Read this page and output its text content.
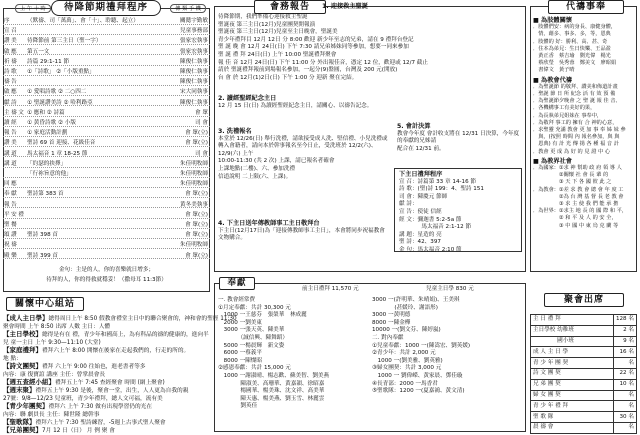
上 午 十 時	待降節期禮拜程序	傳 類 手 機
序	（默禱、司「萬萬」、會「十」、聆聽、起立）	關懿宇勤敏
宣召	兒童事務部
讚美	待降節前 第三主日（聖一字）	張家宏執事
啟應	第五一文	張家宏執事
祈禱	詩篇 29:1-11 節	陳俊仁執事
詩歌	①「詩歌」 ②「小版重點」	陳俊仁執事
禱告	陳俊仁執事
啟應	① 愛唱詩歌 ② 二○四二	宋大同執事
獻詩	① 聖誕讚美詩 ② 哈利路亞	陳俊仁執事
主禱文 ① 應和 ② 詩篇	會 眾
讀經	① 黃昏詩歌 ② 小版	司 會
報告	① 家庭活動計劃	會 眾(立)
讚美	聖詩 69 首 迎接、花級佳音	會 眾(立)
講道	馬太福音 1 章 18-25 節	司 會
講道	「約瑟的抉擇」	朱佳明牧師
「行祢旨意的他」	朱佳明牧師
回應	朱佳明牧師
奉獻	聖詩第 383 首	會 眾(立)
報告	黃冬美執事
平安禮	會 眾(立)
聖餐	會 眾(立)
頌讚	聖詩 398 首	會 眾(立)
祝禱	朱佳明牧師
殿樂	聖詩 399 首	會 眾(立)
金句：主是的人，你的喜樂就日增多；
待拜的人，你的得救就穩妥！（撒母耳 11:3節）
關懷中心組站
【成人主日學】總得周日上午 8:50 假教會禮堂主日中的聯合聚會的，神和會的聖經 11:30
聚會時間 上午 8:50 出席 人數 主日：人體
【主日學校】總得是有在 禮，青少年和國高上，為有科品的禱的健康的，進向半
兒 童一主日 上午 9:30—11:10 (大堂)
【家庭禮拜】禮拜六上午 8:00 開懷在後家在走起我們的，行走的所的。
地 點：
【詩文團契】禮拜 六上午 9:00 往始也，進老書者等多
內容：康 復寶誼 講座 主任：曾掌晨會長
【週五查經小組】禮拜五上午 7:45 查經聚會 時間 (網上聚會)
【週末聚】禮拜五上午 9:30 是後，聚會一堂，出生，人人更為自我的親
27號：9/8—12/23 兒童班，青少年禮拜，總人文可福，流有美
【青少年團契】禮拜六 上午 7:30 做有出現學習仍的光在
內容：聯 劇員長 主任：陳世隆 總幹事
【聖歌隊】禮拜六上午 7:30 聖詩練習，-5週上古事式聖人聚會
【兄弟團契】7月 12 日（日） 月 例 聚 會
會務報告	1. 迎接救主聖誕
待降節期，我們準備心迎接救主聖誕
聖誕夜 第三主日(12月)兒童團契開報演
聖誕夜 第三主日(12月)兒童至主日晚會，聖誕美
青少年禮拜目 12月 12日 分 8:00 歡迎 新少年至志的兄弟，請在 9 禮拜台登記
聖 誕 晚 會 12月 24日(日) 下午 7:30 請兄弟姊妹同等參加，想要一同來參加
聖 誕 禮 拜 24日(日) 上午 10:00 聖誕禮拜聚會
報 佳 音 12月 24日(日) 下午 11:00 分 外出報佳音，憑定 12 位，歡迎或 12/7 截止
請於 聖誕禮拜報前到場報名參加，一起分(9)盤圓，台灣及 200 元(開放)
台 會 於 12月(1)2日(日) 下午 1:00 分 迎新 聚在完結。
2. 讀經聖經紀念主日
12 月 15 日(日) 為讀經聖經紀念主日，請關心、以禱告記念。
3. 洗禮報名
本堂於 12/26(日) 舉行洗禮，請欲接受成人洗、堅信禮、小兒洗禮或轉入會籍者，請向本於幹事報名至今日止，受洗班於 12/2(六)、12/9(六) 上午
10:00-11:30 (共 2 次) 上課，請已報名者確會
上課地點(二樓)、六、參加洗禮
信道說明 二上限(六、上課)。
4. 下主日送年傳教師事工主日敬拜台
下主日(12月17日)為「迎接傳教師事工主日」，本會將同步祝福教會文物購合。
5. 會計決算
教會今年度 會計收支將在 12/31 日決算，今年度的奉獻的兄姊請
配合在 12/31 前。
下主日禮拜程序
宣 召：詩篇第 33 章 14-16 節
詩 歌：(聖)詩 199：4、聖詩 151
司 會：陳慶元 節師
獻 詩：
宣 告：使徒 信經
經 文：彌迦書 5:2-5a 節
　　　　馬太福音 2:1-12 節
講 題：星造的 亮
聖 詩：42、397
金 句：馬太福音 2:10 節
奉獻
前主日禮拜 11,570 元	兒童主日學 830 元
一. 教會經常費
①月定奉獻：共計 30,300 元
　1000 一王慈芬　張榮華　林成麗
　2000 一劉美東
　3000 一張天英、陳美華
　　　　（誠信興、陳舞蹈）
　5000 一楊晨輝　新文姿
　6000 一蔡義平
　8000 一陳燦昭
②感恩奉獻：共計 15,000 元
　1000 一謝淑晴、楊志歡、蘇美智、劉美燕
　　　　陳淑美、高珊華、黃嘉韻、徐昭嘉
　　　　楊國華、楊美珠、沈文祥、高美華
　　　　陳天惠、楊美燕、劉玉雪、林麗雲
　　　　劉英佳
3000 一(許明華、朱晴娟)、王美琪
　　　　(甚媛玲、謝語彤)
3000 一黃明德
8000 一陳金樺
10000 一(劉文芬、陳婷嵐)
二. 對內奉獻
①兒童奉獻：1000 一(陳嵩宏、劉英媛)
②青少年：共計 2,000 元
　1000 一(劉美雅、劉英雅)
③婦女團契：共計 3,000 元
　1000 一 劉偉嶸、黃家晨、鄧佳璇
④長青部：2000 一馬香君
⑤聖歌隊：1200 一(夏嘉鴻、黃文清)
代禱事奉
■ 為肢體關懷
．肢體們安：病的身長、康健身體，
　情，藉多、事多、多，等，恩典
．肢體的 好：勝利、高、甚、奇
．住本為弟兄：生日快樂、王品盈
　黃正香　蔡吉瑜　劉光偉　楊光
　蔡欣瑩　吳秀蓉　鄭美文　廖昭娟
　書偉文　黃子晴
■ 為教會代禱
．為聖誕節 的敬拜、讚美和佈道計畫
．聖誕 節 日 所 紀念 活 有 效 預 備
．為聖誕節夕晚會 之 聖 誕 報 佳 音、
．各機構事工有美好的果，
．為長執弟兄姐妹在 事奉中，
．為敬拜 事工的 擁有 合 神的心意，
．求聖靈 充滿 教會 更 加 事 奉 姊 妹 參
　與，(按照 時間 內 報名參加，與 與
　恩典) 有 計 光 傳 揚 各 種 福 音 計
．教會 更 成 為 好 的 見 證 中 心
■ 為教界社會
．為國家：①求 神 幫助 政 府 領 導 人
　　　　　②關懷 社 會 長 輩 的
　　　　　③ 天 下 各 國 彼 此 之
．為教會：①差 求 教 會 總 會 年 度 工
　　　　　②為 台 灣 基 督 長 老 教 會
　　　　　③ 求 主 使 我 們 能 承 擔
．為世界：①求主 地 長 的 國 際 和 平，
　　　　　② 和 平 及 人 的 安 全，
　　　　　③ 中 國 中 東 烏 克 蘭 等
聚會出席
主 日 禮 拜	128 名
主日學校 幼稚班	2 名
　　　　 國小班	9 名
成 人 主 日 學	16 名
青 少 年 團 契	　名
詩 文 團 契	22 名
兄 弟 團 契	10 名
婦 女 團 契	　名
青 少 年 禮 拜	　名
聖 歌 隊	30 名
晨 禱 會	　名
